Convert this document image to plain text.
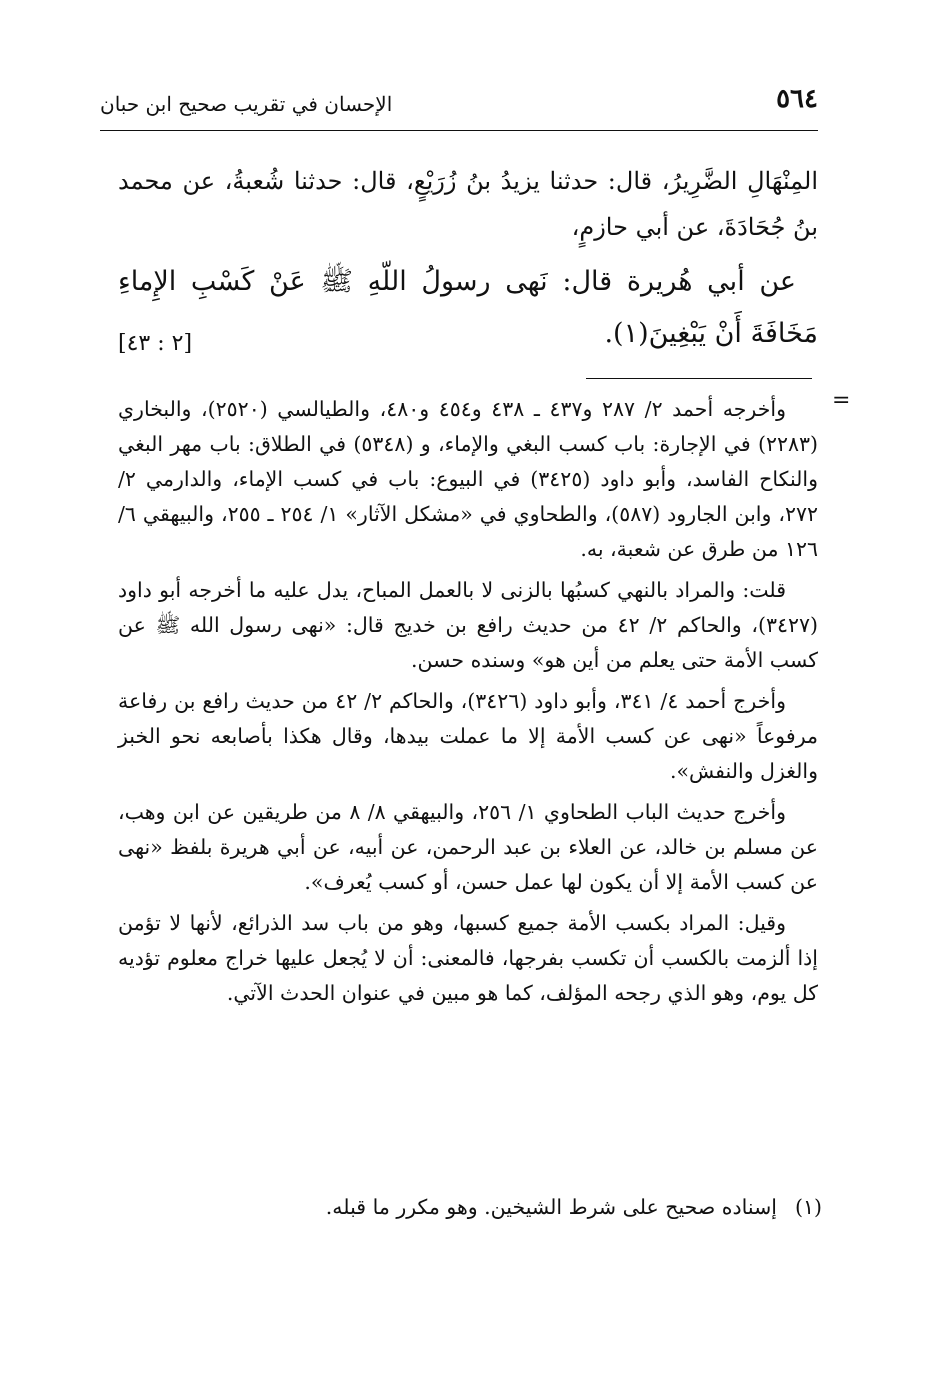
٥٦٤
الإحسان في تقريب صحيح ابن حبان

المِنْهَالِ الضَّرِيرُ، قال: حدثنا يزيدُ بنُ زُرَيْعٍ، قال: حدثنا شُعبةُ، عن محمد بنُ جُحَادَةَ، عن أبي حازمٍ،

عن أبي هُريرة قال: نَهى رسولُ اللّهِ ﷺ عَنْ كَسْبِ الإِماءِ مَخَافَةَ أَنْ يَبْغِينَ(١).

[٢ : ٤٣]
=

وأخرجه أحمد ٢/ ٢٨٧ و٤٣٧ ـ ٤٣٨ و٤٥٤ و٤٨٠، والطيالسي (٢٥٢٠)، والبخاري (٢٢٨٣) في الإجارة: باب كسب البغي والإماء، و (٥٣٤٨) في الطلاق: باب مهر البغي والنكاح الفاسد، وأبو داود (٣٤٢٥) في البيوع: باب في كسب الإماء، والدارمي ٢/ ٢٧٢، وابن الجارود (٥٨٧)، والطحاوي في «مشكل الآثار» ١/ ٢٥٤ ـ ٢٥٥، والبيهقي ٦/ ١٢٦ من طرق عن شعبة، به.

قلت: والمراد بالنهي كسبُها بالزنى لا بالعمل المباح، يدل عليه ما أخرجه أبو داود (٣٤٢٧)، والحاكم ٢/ ٤٢ من حديث رافع بن خديج قال: «نهى رسول الله ﷺ عن كسب الأمة حتى يعلم من أين هو» وسنده حسن.

وأخرج أحمد ٤/ ٣٤١، وأبو داود (٣٤٢٦)، والحاكم ٢/ ٤٢ من حديث رافع بن رفاعة مرفوعاً «نهى عن كسب الأمة إلا ما عملت بيدها، وقال هكذا بأصابعه نحو الخبز والغزل والنفش».

وأخرج حديث الباب الطحاوي ١/ ٢٥٦، والبيهقي ٨/ ٨ من طريقين عن ابن وهب، عن مسلم بن خالد، عن العلاء بن عبد الرحمن، عن أبيه، عن أبي هريرة بلفظ «نهى عن كسب الأمة إلا أن يكون لها عمل حسن، أو كسب يُعرف».

وقيل: المراد بكسب الأمة جميع كسبها، وهو من باب سد الذرائع، لأنها لا تؤمن إذا ألزمت بالكسب أن تكسب بفرجها، فالمعنى: أن لا يُجعل عليها خراج معلوم تؤديه كل يوم، وهو الذي رجحه المؤلف، كما هو مبين في عنوان الحدث الآتي.

(١)إسناده صحيح على شرط الشيخين. وهو مكرر ما قبله.
